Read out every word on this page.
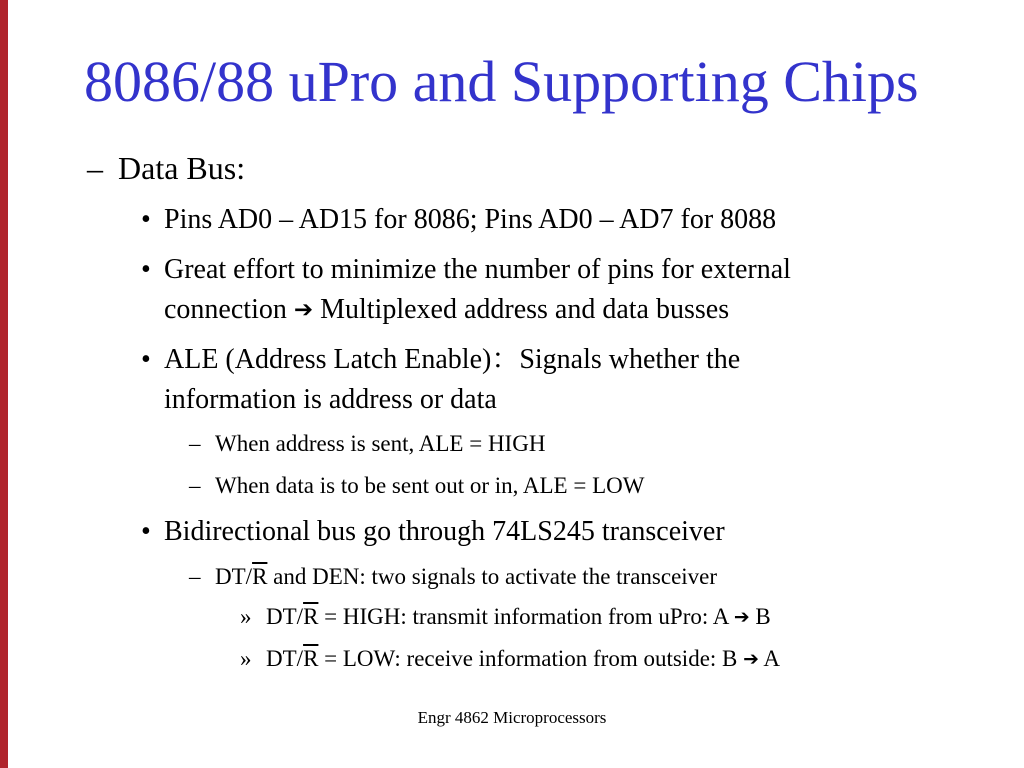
8086/88 uPro and Supporting Chips
– Data Bus:

• Pins AD0 – AD15 for 8086; Pins AD0 – AD7 for 8088

• Great effort to minimize the number of pins for external

connection ➔ Multiplexed address and data busses

• ALE (Address Latch Enable)：Signals whether the

information is address or data

– When address is sent, ALE = HIGH

– When data is to be sent out or in, ALE = LOW

• Bidirectional bus go through 74LS245 transceiver

– $DT/\overline{R}$ and DEN: two signals to activate the transceiver

» $DT/\overline{R}$ = HIGH: transmit information from uPro: A ➔ B

» $DT/\overline{R}$ = LOW: receive information from outside: B ➔ A

Engr 4862 Microprocessors
